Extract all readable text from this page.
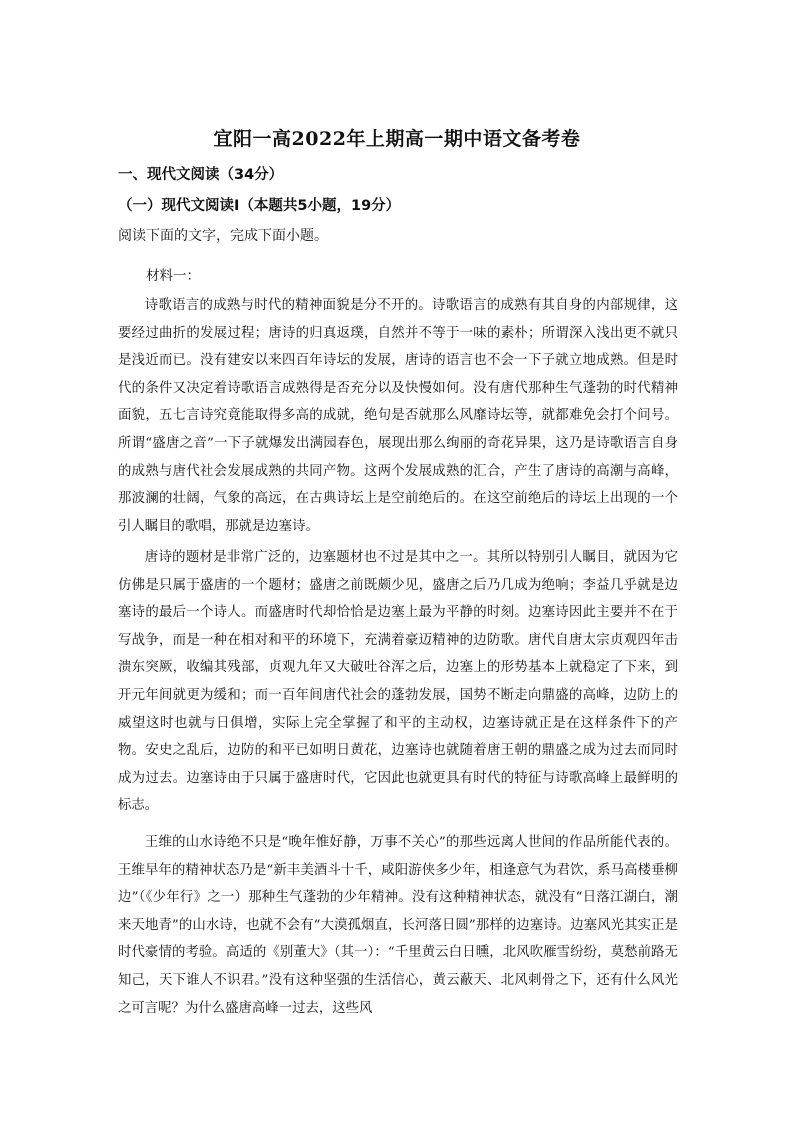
宜阳一高2022年上期高一期中语文备考卷
一、现代文阅读（34分）
（一）现代文阅读Ⅰ（本题共5小题，19分）
阅读下面的文字，完成下面小题。
材料一：

诗歌语言的成熟与时代的精神面貌是分不开的。诗歌语言的成熟有其自身的内部规律，这要经过曲折的发展过程；唐诗的归真返璞，自然并不等于一味的素朴；所谓深入浅出更不就只是浅近而已。没有建安以来四百年诗坛的发展，唐诗的语言也不会一下子就立地成熟。但是时代的条件又决定着诗歌语言成熟得是否充分以及快慢如何。没有唐代那种生气蓬勃的时代精神面貌，五七言诗究竟能取得多高的成就，绝句是否就那么风靡诗坛等，就都难免会打个问号。所谓“盛唐之音”一下子就爆发出满园春色，展现出那么绚丽的奇花异果，这乃是诗歌语言自身的成熟与唐代社会发展成熟的共同产物。这两个发展成熟的汇合，产生了唐诗的高潮与高峰，那波澜的壮阔，气象的高远，在古典诗坛上是空前绝后的。在这空前绝后的诗坛上出现的一个引人瞩目的歌唱，那就是边塞诗。

唐诗的题材是非常广泛的，边塞题材也不过是其中之一。其所以特别引人瞩目，就因为它仿佛是只属于盛唐的一个题材；盛唐之前既颇少见，盛唐之后乃几成为绝响；李益几乎就是边塞诗的最后一个诗人。而盛唐时代却恰恰是边塞上最为平静的时刻。边塞诗因此主要并不在于写战争，而是一种在相对和平的环境下，充满着豪迈精神的边防歌。唐代自唐太宗贞观四年击溃东突厥，收编其残部，贞观九年又大破吐谷浑之后，边塞上的形势基本上就稳定了下来，到开元年间就更为缓和；而一百年间唐代社会的蓬勃发展，国势不断走向鼎盛的高峰，边防上的威望这时也就与日俱增，实际上完全掌握了和平的主动权，边塞诗就正是在这样条件下的产物。安史之乱后，边防的和平已如明日黄花，边塞诗也就随着唐王朝的鼎盛之成为过去而同时成为过去。边塞诗由于只属于盛唐时代，它因此也就更具有时代的特征与诗歌高峰上最鲜明的标志。

王维的山水诗绝不只是“晚年惟好静，万事不关心”的那些远离人世间的作品所能代表的。王维早年的精神状态乃是“新丰美酒斗十千，咸阳游侠多少年，相逢意气为君饮，系马高楼垂柳边”（《少年行》之一）那种生气蓬勃的少年精神。没有这种精神状态，就没有“日落江湖白，潮来天地青”的山水诗，也就不会有“大漠孤烟直，长河落日圆”那样的边塞诗。边塞风光其实正是时代豪情的考验。高适的《别董大》（其一）：“千里黄云白日曛，北风吹雁雪纷纷，莫愁前路无知己，天下谁人不识君。”没有这种坚强的生活信心，黄云蔽天、北风刺骨之下，还有什么风光之可言呢？为什么盛唐高峰一过去，这些风
